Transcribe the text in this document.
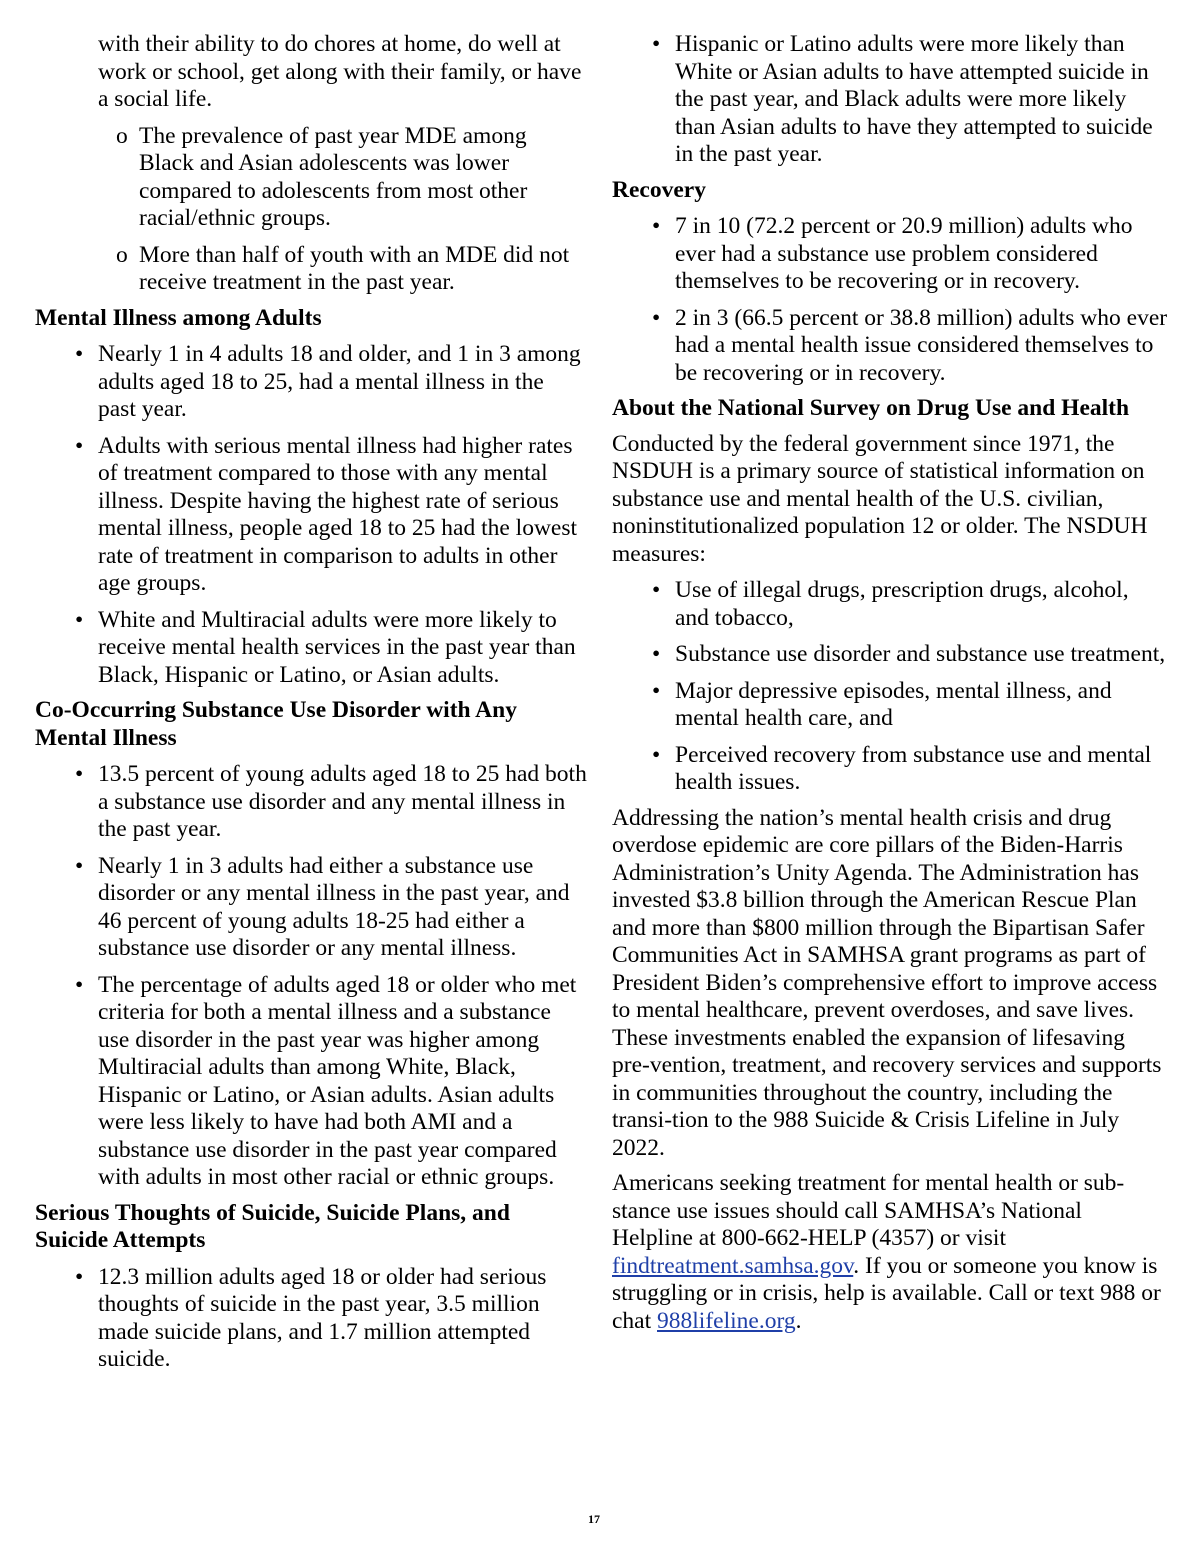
with their ability to do chores at home, do well at work or school, get along with their family, or have a social life.

o The prevalence of past year MDE among Black and Asian adolescents was lower compared to adolescents from most other racial/ethnic groups.
o More than half of youth with an MDE did not receive treatment in the past year.

Mental Illness among Adults

• Nearly 1 in 4 adults 18 and older, and 1 in 3 among adults aged 18 to 25, had a mental illness in the past year.
• Adults with serious mental illness had higher rates of treatment compared to those with any mental illness. Despite having the highest rate of serious mental illness, people aged 18 to 25 had the lowest rate of treatment in comparison to adults in other age groups.
• White and Multiracial adults were more likely to receive mental health services in the past year than Black, Hispanic or Latino, or Asian adults.

Co-Occurring Substance Use Disorder with Any Mental Illness

• 13.5 percent of young adults aged 18 to 25 had both a substance use disorder and any mental illness in the past year.
• Nearly 1 in 3 adults had either a substance use disorder or any mental illness in the past year, and 46 percent of young adults 18-25 had either a substance use disorder or any mental illness.
• The percentage of adults aged 18 or older who met criteria for both a mental illness and a substance use disorder in the past year was higher among Multiracial adults than among White, Black, Hispanic or Latino, or Asian adults. Asian adults were less likely to have had both AMI and a substance use disorder in the past year compared with adults in most other racial or ethnic groups.

Serious Thoughts of Suicide, Suicide Plans, and Suicide Attempts

• 12.3 million adults aged 18 or older had serious thoughts of suicide in the past year, 3.5 million made suicide plans, and 1.7 million attempted suicide.
• Hispanic or Latino adults were more likely than White or Asian adults to have attempted suicide in the past year, and Black adults were more likely than Asian adults to have they attempted to suicide in the past year.

Recovery

• 7 in 10 (72.2 percent or 20.9 million) adults who ever had a substance use problem considered themselves to be recovering or in recovery.
• 2 in 3 (66.5 percent or 38.8 million) adults who ever had a mental health issue considered themselves to be recovering or in recovery.

About the National Survey on Drug Use and Health

Conducted by the federal government since 1971, the NSDUH is a primary source of statistical information on substance use and mental health of the U.S. civilian, noninstitutionalized population 12 or older. The NSDUH measures:

• Use of illegal drugs, prescription drugs, alcohol, and tobacco,
• Substance use disorder and substance use treatment,
• Major depressive episodes, mental illness, and mental health care, and
• Perceived recovery from substance use and mental health issues.

Addressing the nation’s mental health crisis and drug overdose epidemic are core pillars of the Biden-Harris Administration’s Unity Agenda. The Administration has invested $3.8 billion through the American Rescue Plan and more than $800 million through the Bipartisan Safer Communities Act in SAMHSA grant programs as part of President Biden’s comprehensive effort to improve access to mental healthcare, prevent overdoses, and save lives. These investments enabled the expansion of lifesaving pre-vention, treatment, and recovery services and supports in communities throughout the country, including the transi-tion to the 988 Suicide & Crisis Lifeline in July 2022.

Americans seeking treatment for mental health or sub-stance use issues should call SAMHSA’s National Helpline at 800-662-HELP (4357) or visit findtreatment.samhsa.gov. If you or someone you know is struggling or in crisis, help is available. Call or text 988 or chat 988lifeline.org.

17
